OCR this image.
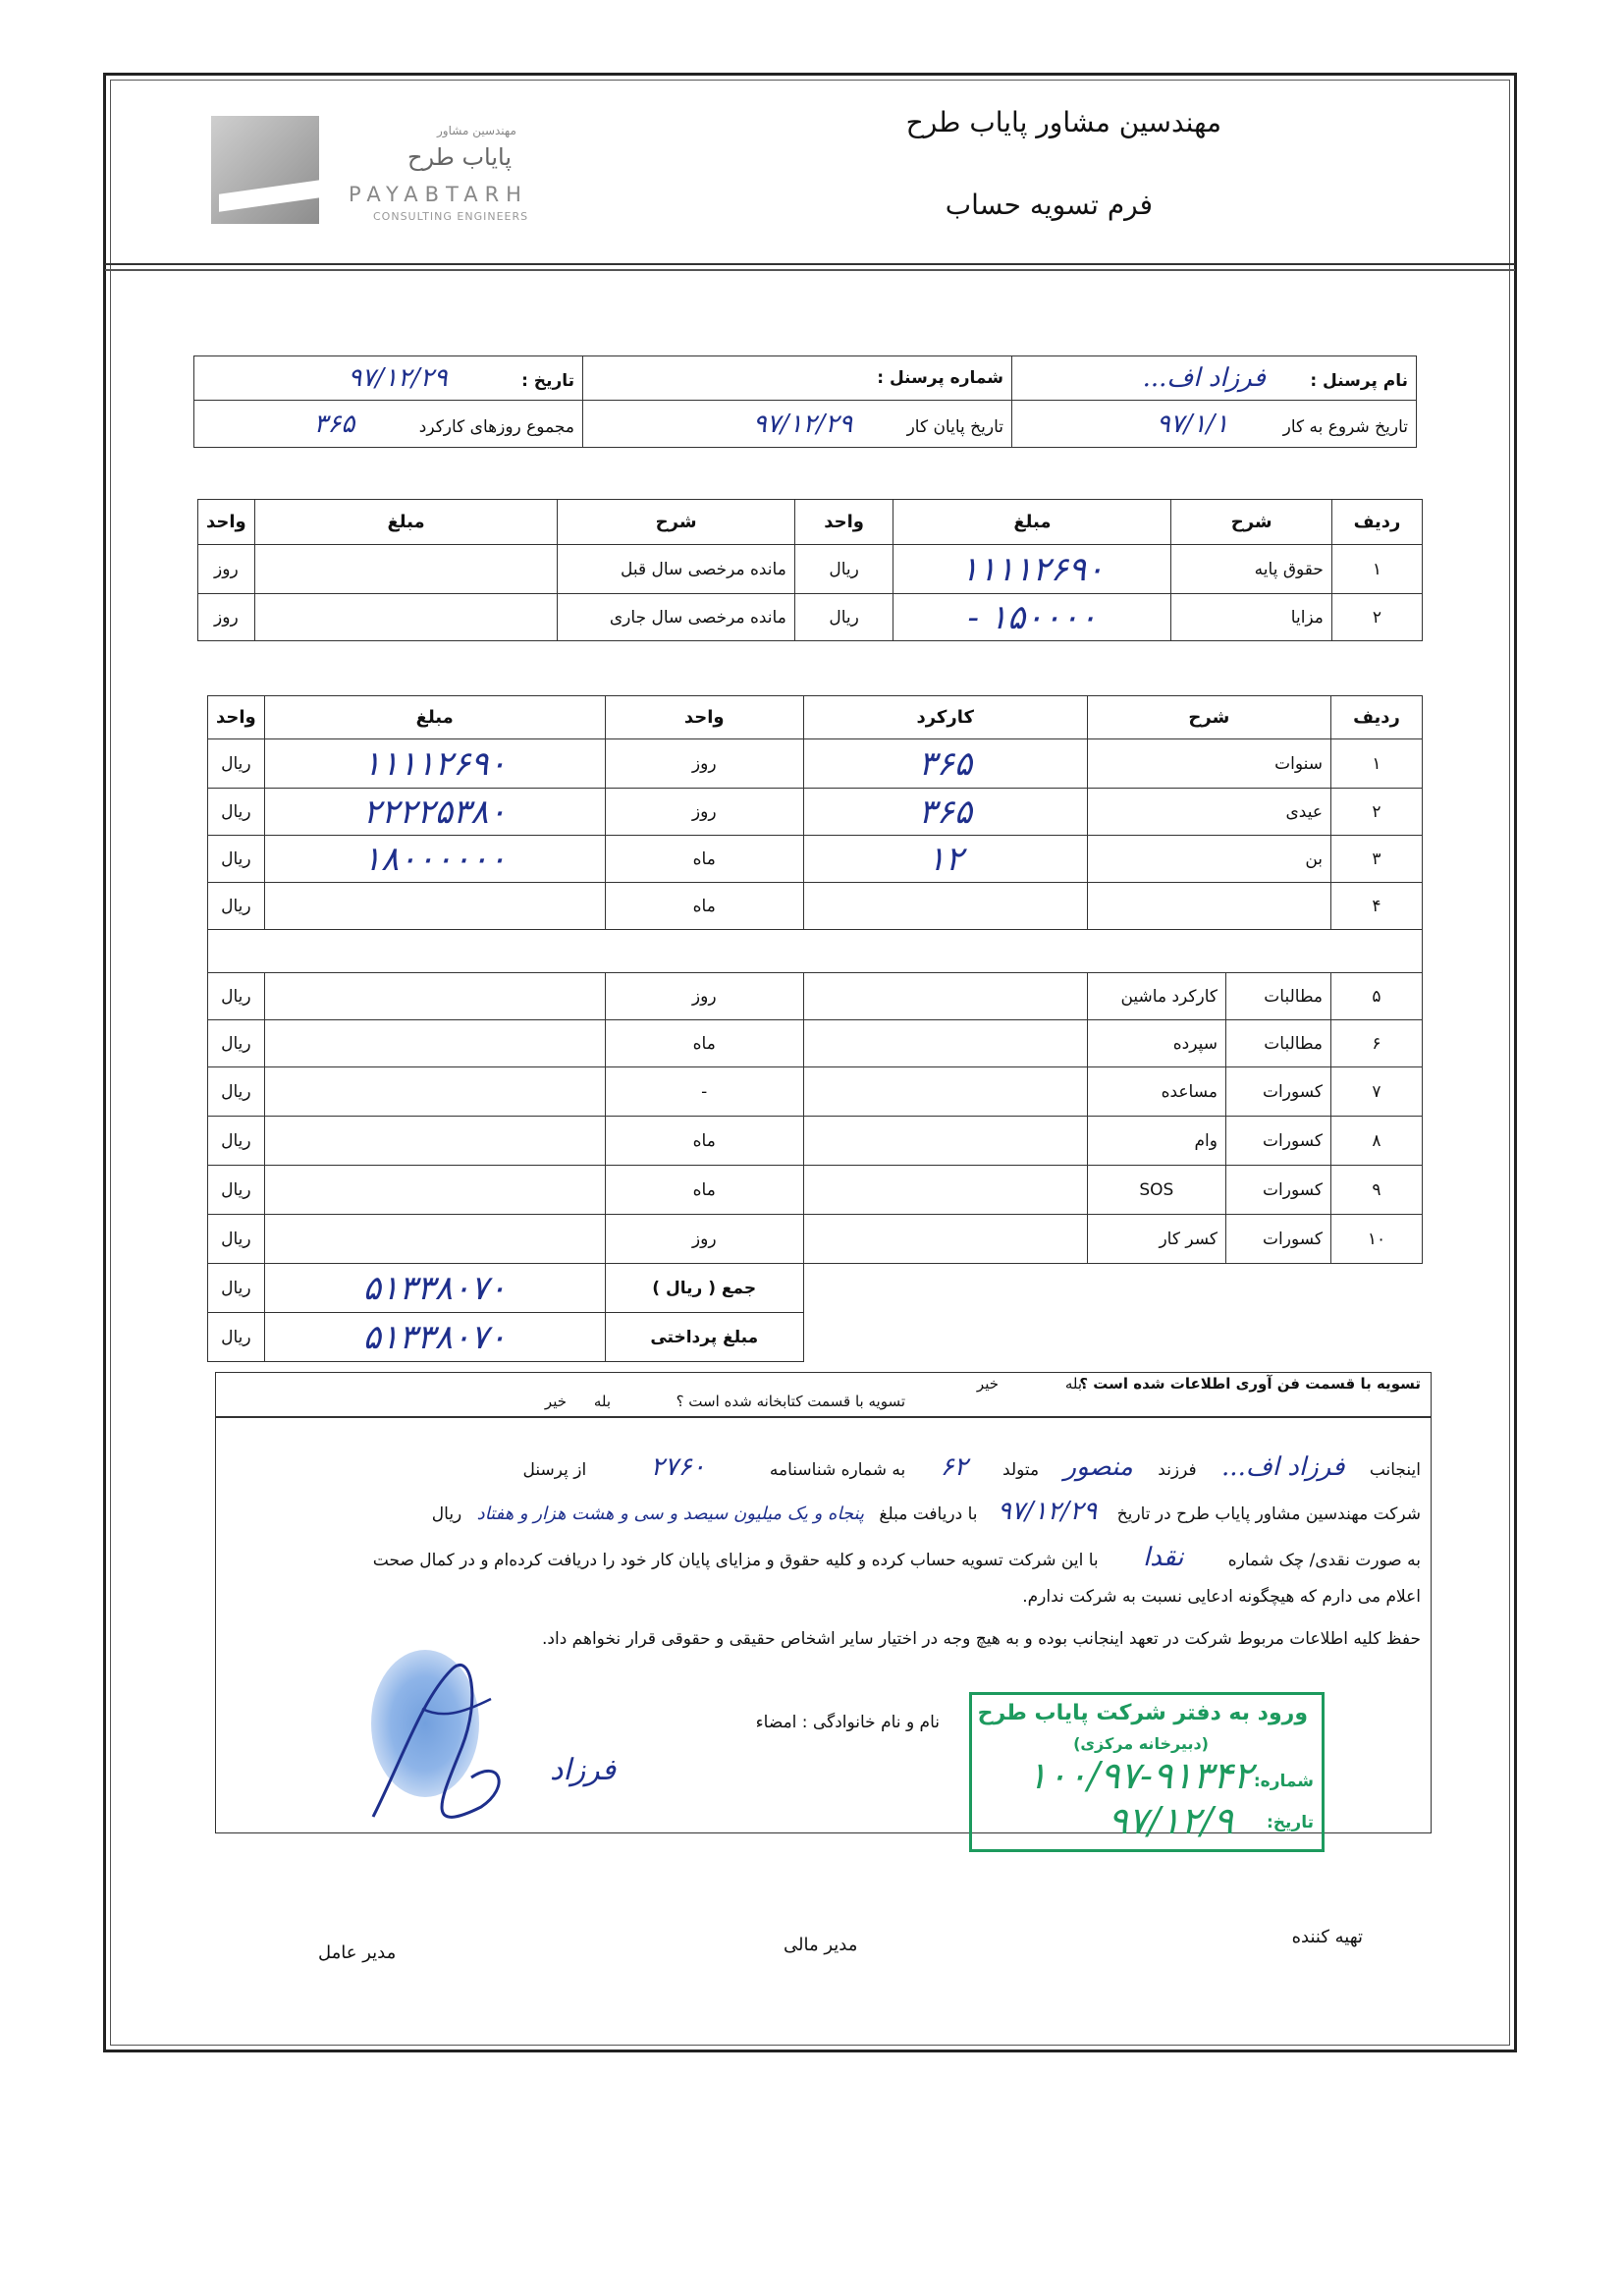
پایاب طرح
مهندسین مشاور
PAYABTARH
CONSULTING ENGINEERS
مهندسین مشاور پایاب طرح
فرم تسویه حساب
نام پرسنل : فرزاد اف...	شماره پرسنل :	تاریخ : ۹۷/۱۲/۲۹
تاریخ شروع به کار ۹۷/۱/۱	تاریخ پایان کار ۹۷/۱۲/۲۹	مجموع روزهای کارکرد ۳۶۵
ردیف	شرح	مبلغ	واحد	شرح	مبلغ	واحد
۱	حقوق پایه	۱۱۱۱۲۶۹۰	ریال	مانده مرخصی سال قبل		روز
۲	مزایا	۱۵۰۰۰۰ -	ریال	مانده مرخصی سال جاری		روز
ردیف	شرح		کارکرد	واحد	مبلغ	واحد
۱	سنوات		۳۶۵	روز	۱۱۱۱۲۶۹۰	ریال
۲	عیدی		۳۶۵	روز	۲۲۲۲۵۳۸۰	ریال
۳	بن		۱۲	ماه	۱۸۰۰۰۰۰۰	ریال
۴				ماه		ریال

۵	مطالبات	کارکرد ماشین		روز		ریال
۶	مطالبات	سپرده		ماه		ریال
۷	کسورات	مساعده		-		ریال
۸	کسورات	وام		ماه		ریال
۹	کسورات	SOS		ماه		ریال
۱۰	کسورات	کسر کار		روز		ریال
				جمع ( ریال )	۵۱۳۳۸۰۷۰	ریال
				مبلغ پرداختی	۵۱۳۳۸۰۷۰	ریال
تسویه با قسمت فن آوری اطلاعات شده است ؟
بله
خیر
تسویه با قسمت کتابخانه شده است ؟
بله
خیر
اینجانب فرزاد اف... فرزند منصور متولد ۶۲ به شماره شناسنامه ۲۷۶۰ از پرسنل
شرکت مهندسین مشاور پایاب طرح در تاریخ ۹۷/۱۲/۲۹ با دریافت مبلغ پنجاه و یک میلیون سیصد و سی و هشت هزار و هفتاد ریال
به صورت نقدی/ چک شماره نقدا با این شرکت تسویه حساب کرده و کلیه حقوق و مزایای پایان کار خود را دریافت کرده‌ام و در کمال صحت
اعلام می دارم که هیچگونه ادعایی نسبت به شرکت ندارم.
حفظ کلیه اطلاعات مربوط شرکت در تعهد اینجانب بوده و به هیچ وجه در اختیار سایر اشخاص حقیقی و حقوقی قرار نخواهم داد.
نام و نام خانوادگی : امضاء
فرزاد
ورود به دفتر شرکت پایاب طرح
(دبیرخانه مرکزی)
شماره:
۱۰۰/۹۷-۹۱۳۴۲
تاریخ:
۹۷/۱۲/۹
تهیه کننده
مدیر مالی
مدیر عامل
